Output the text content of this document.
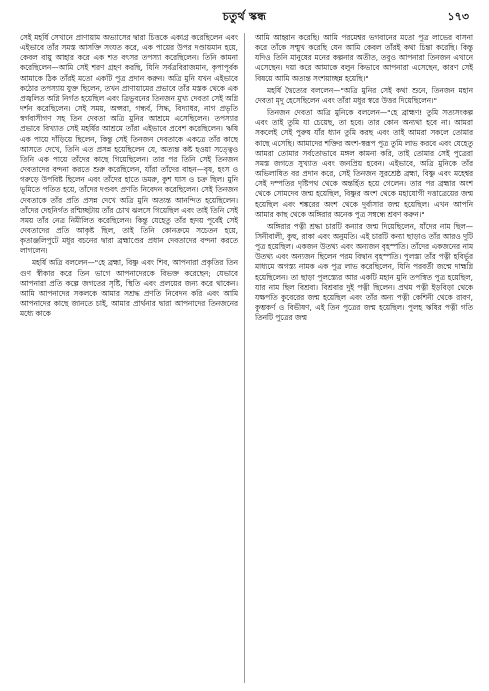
চতুর্থ স্কন্ধ	১৭৩

সেই মহর্ষি সেখানে প্রাণায়াম অভ্যাসের দ্বারা চিত্তকে একাগ্র করেছিলেন এবং এইভাবে তাঁর সমস্ত আসক্তি সংযত করে, এক পায়ের উপর দণ্ডায়মান হয়ে, কেবল বায়ু আহার করে এক শত বৎসর তপস্যা করেছিলেন। তিনি কামনা করেছিলেন—আমি সেই শরণ গ্রহণ করছি, যিনি সর্বত্রবিরাজমান, কৃপাপূর্বক আমাকে ঠিক তাঁরই মতো একটি পুত্র প্রদান করুন। অত্রি মুনি যখন এইভাবে কঠোর তপস্যায় যুক্ত ছিলেন, তখন প্রাণায়ামের প্রভাবে তাঁর মস্তক থেকে এক প্রজ্বলিত অগ্নি নির্গত হয়েছিল এবং ত্রিভুবনের তিনজন মুখ্য দেবতা সেই অগ্নি দর্শন করেছিলেন। সেই সময়, অপ্সরা, গন্ধর্ব, সিদ্ধ, বিদ্যাধর, নাগ প্রভৃতি স্বর্গবাসীগণ সহ তিন দেবতা অত্রি মুনির আশ্রমে এসেছিলেন। তপস্যার প্রভাবে বিখ্যাত সেই মহর্ষির আশ্রমে তাঁরা এইভাবে প্রবেশ করেছিলেন। ঋষি এক পায়ে দাঁড়িয়ে ছিলেন, কিন্তু সেই তিনজন দেবতাকে একত্রে তাঁর কাছে আসতে দেখে, তিনি এত প্রসন্ন হয়েছিলেন যে, অত্যন্ত কষ্ট হওয়া সত্ত্বেও তিনি এক পায়ে তাঁদের কাছে গিয়েছিলেন। তার পর তিনি সেই তিনজন দেবতাদের বন্দনা করতে শুরু করেছিলেন, যাঁরা তাঁদের বাহন—বৃষ, হংস ও গরুড়ে উপবিষ্ট ছিলেন এবং তাঁদের হাতে ডমরু, কুশ ঘাস ও চক্র ছিল। মুনি ভূমিতে পতিত হয়ে, তাঁদের দণ্ডবৎ প্রণতি নিবেদন করেছিলেন। সেই তিনজন দেবতাকে তাঁর প্রতি প্রসন্ন দেখে অত্রি মুনি অত্যন্ত আনন্দিত হয়েছিলেন। তাঁদের দেহনির্গত রশ্মিচ্ছটায় তাঁর চোখ ঝলসে গিয়েছিল এবং তাই তিনি সেই সময় তাঁর নেত্র নিমীলিত করেছিলেন। কিন্তু যেহেতু তাঁর হৃদয় পূর্বেই সেই দেবতাদের প্রতি আকৃষ্ট ছিল, তাই তিনি কোনক্রমে সচেতন হয়ে, কৃতাঞ্জলিপুটে মধুর বচনের দ্বারা ব্রহ্মাণ্ডের প্রধান দেবতাদের বন্দনা করতে লাগলেন।

মহর্ষি অত্রি বললেন—"হে ব্রহ্মা, বিষ্ণু এবং শিব, আপনারা প্রকৃতির তিন গুণ স্বীকার করে তিন ভাগে আপনাদেরকে বিভক্ত করেছেন; যেভাবে আপনারা প্রতি কল্পে জগতের সৃষ্টি, স্থিতি এবং প্রলয়ের জন্য করে থাকেন। আমি আপনাদের সকলকে আমার সশ্রদ্ধ প্রণতি নিবেদন করি এবং আমি আপনাদের কাছে জানতে চাই, আমার প্রার্থনার দ্বারা আপনাদের তিনজনের মধ্যে কাকে

আমি আহ্বান করেছি। আমি পরমেশ্বর ভগবানের মতো পুত্র লাভের বাসনা করে তাঁকে সম্মুখ করেছি যেন আমি কেবল তাঁরই কথা চিন্তা করেছি। কিন্তু যদিও তিনি মানুষের মনের কল্পনার অতীত, তবুও আপনারা তিনজন এখানে এসেছেন। দয়া করে আমাকে বলুন কিভাবে আপনারা এসেছেন, কারণ সেই বিষয়ে আমি অত্যন্ত সংশয়াচ্ছন্ন হয়েছি।"

মহর্ষি দ্বৈত্যের বললেন—"অত্রি মুনির সেই কথা শুনে, তিনজন মহান দেবতা মৃদু হেসেছিলেন এবং তাঁরা মধুর স্বরে উত্তর দিয়েছিলেন।"

তিনজন দেবতা অত্রি মুনিকে বললেন—"হে ব্রাহ্মণ! তুমি সত্যসংকল্প এবং তাই তুমি যা চেয়েছ, তা হবে। তার কোন অন্যথা হবে না। আমরা সকলেই সেই পুরুষ যাঁর ধ্যান তুমি করছ এবং তাই আমরা সকলে তোমার কাছে এসেছি। আমাদের শক্তির অংশ-স্বরূপ পুত্র তুমি লাভ করবে এবং যেহেতু আমরা তোমার সর্বতোভাবে মঙ্গল কামনা করি, তাই তোমার সেই পুত্রেরা সমস্ত জগতে সুখ্যাত এবং জনপ্রিয় হবেন। এইভাবে, অত্রি মুনিকে তাঁর অভিলাষিত বর প্রদান করে, সেই তিনজন সুরশ্রেষ্ঠ ব্রহ্মা, বিষ্ণু এবং মহেশ্বর সেই দম্পতির দৃষ্টিপথ থেকে অন্তর্হিত হয়ে গেলেন। তার পর ব্রহ্মার অংশ থেকে সোমদেব জন্ম হয়েছিল, বিষ্ণুর অংশ থেকে মহাযোগী দত্তাত্রেয়ের জন্ম হয়েছিল এবং শঙ্করের অংশ থেকে দুর্বাসার জন্ম হয়েছিল। এখন আপনি আমার কাছ থেকে অঙ্গিরার অনেক পুত্র সম্বন্ধে শ্রবণ করুন।"

অঙ্গিরার পত্নী শ্রদ্ধা চারটি কন্যার জন্ম দিয়েছিলেন, যাঁদের নাম ছিল—সিনীবালী, কুহু, রাকা এবং অনুমতি। এই চারটি কন্যা ছাড়াও তাঁর আরও দুটি পুত্র হয়েছিল। একজন উতথ্য এবং অন্যজন বৃহস্পতি। তাঁদের একজনের নাম উতথ্য এবং অন্যজন ছিলেন পরম বিদ্বান বৃহস্পতি। পুলস্ত্য তাঁর পত্নী হবির্ভূর মাধ্যমে অগস্ত্য নামক এক পুত্র লাভ করেছিলেন, যিনি পরবর্তী জন্মে দাহ্মগ্নি হয়েছিলেন। তা ছাড়া পুলস্ত্যের আর একটি মহান মুনি তপস্বিত পুত্র হয়েছিল, যার নাম ছিল বিশ্রবা। বিশ্রবার দুই পত্নী ছিলেন। প্রথম পত্নী ইড়বিড়া থেকে যক্ষপতি কুবেরের জন্ম হয়েছিল এবং তাঁর অন্য পত্নী কেশিনী থেকে রাবণ, কুম্ভকর্ণ ও বিভীষণ, এই তিন পুত্রের জন্ম হয়েছিল। পুলহ ঋষির পত্নী গতি তিনটি পুত্রের জন্ম
